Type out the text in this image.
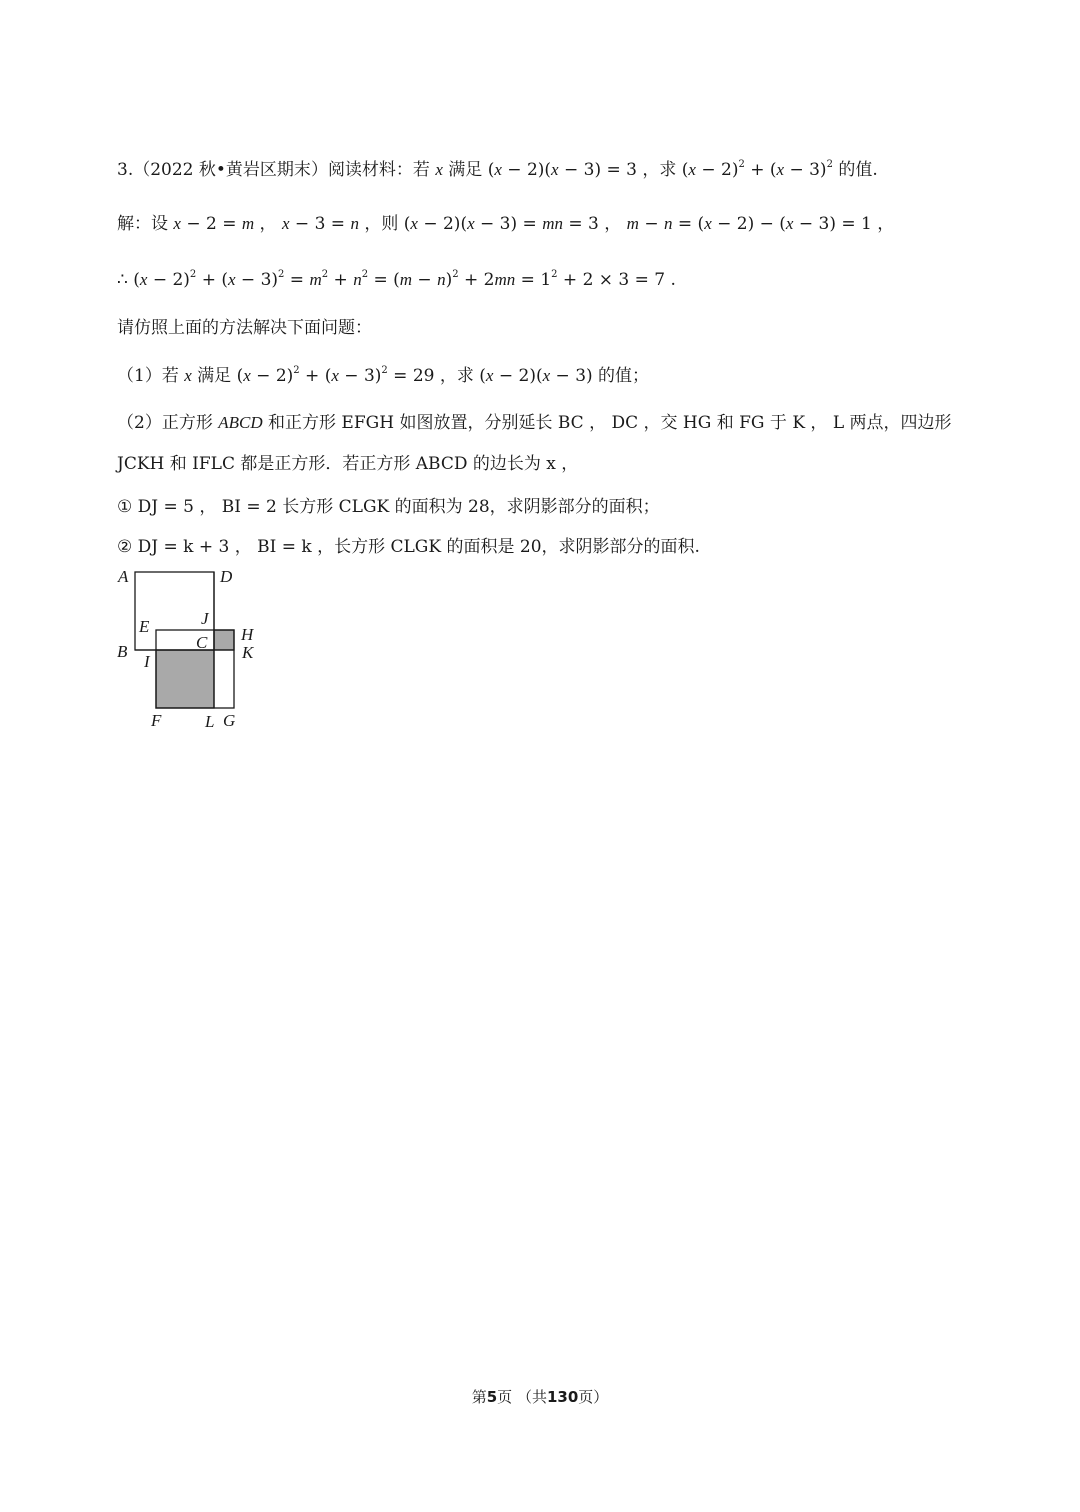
3.（2022 秋•黄岩区期末）阅读材料：若 x 满足 (x − 2)(x − 3) = 3 ，求 $(x - 2)^2 + (x - 3)^2$ 的值.
解：设 x − 2 = m ， x − 3 = n ，则 (x − 2)(x − 3) = mn = 3 ， m − n = (x − 2) − (x − 3) = 1 ，
∴ $(x - 2)^2 + (x - 3)^2 = m^2 + n^2 = (m - n)^2 + 2mn = 1^2 + 2 \times 3 = 7$ .
请仿照上面的方法解决下面问题：
（1）若 x 满足 $(x - 2)^2 + (x - 3)^2 = 29$ ，求 (x − 2)(x − 3) 的值；
（2）正方形 ABCD 和正方形 EFGH 如图放置，分别延长 BC ， DC ，交 HG 和 FG 于 K ， L 两点，四边形
JCKH 和 IFLC 都是正方形．若正方形 ABCD 的边长为 x ，
① DJ = 5 ， BI = 2 长方形 CLGK 的面积为 28，求阴影部分的面积；
② DJ = k + 3 ， BI = k ，长方形 CLGK 的面积是 20，求阴影部分的面积.
A	D
E	J
H
C
B	K
I
F	L G
第5页 （共130页）
